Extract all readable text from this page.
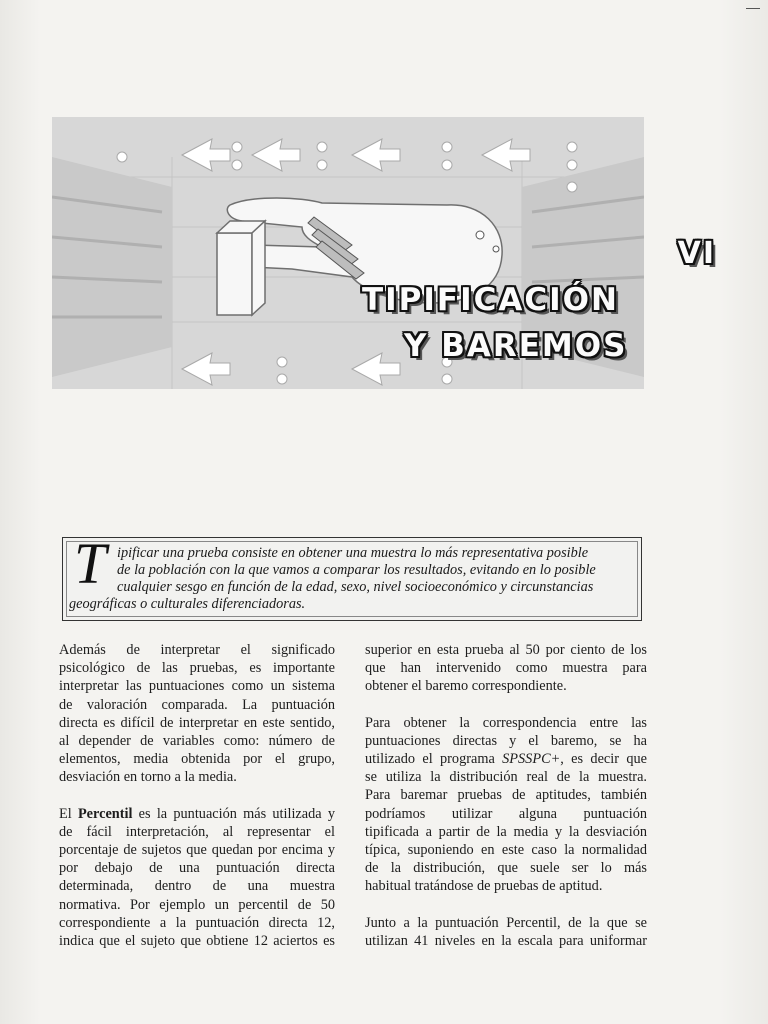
VI
TIPIFICACIÓN
Y BAREMOS
T ipificar una prueba consiste en obtener una muestra lo más representativa posible
de la población con la que vamos a comparar los resultados, evitando en lo posible
cualquier sesgo en función de la edad, sexo, nivel socioeconómico y circunstancias
geográficas o culturales diferenciadoras.
Además de interpretar el significado
psicológico de las pruebas, es importante
interpretar las puntuaciones como un sistema
de valoración comparada. La puntuación
directa es difícil de interpretar en este sentido,
al depender de variables como: número de
elementos, media obtenida por el grupo,
desviación en torno a la media.
El Percentil es la puntuación más utilizada y
de fácil interpretación, al representar el
porcentaje de sujetos que quedan por encima y
por debajo de una puntuación directa
determinada, dentro de una muestra
normativa. Por ejemplo un percentil de 50
correspondiente a la puntuación directa 12,
indica que el sujeto que obtiene 12 aciertos es
superior en esta prueba al 50 por ciento de los
que han intervenido como muestra para
obtener el baremo correspondiente.
Para obtener la correspondencia entre las
puntuaciones directas y el baremo, se ha
utilizado el programa SPSSPC+, es decir que
se utiliza la distribución real de la muestra.
Para baremar pruebas de aptitudes, también
podríamos utilizar alguna puntuación
tipificada a partir de la media y la desviación
típica, suponiendo en este caso la normalidad
de la distribución, que suele ser lo más
habitual tratándose de pruebas de aptitud.
Junto a la puntuación Percentil, de la que se
utilizan 41 niveles en la escala para uniformar
